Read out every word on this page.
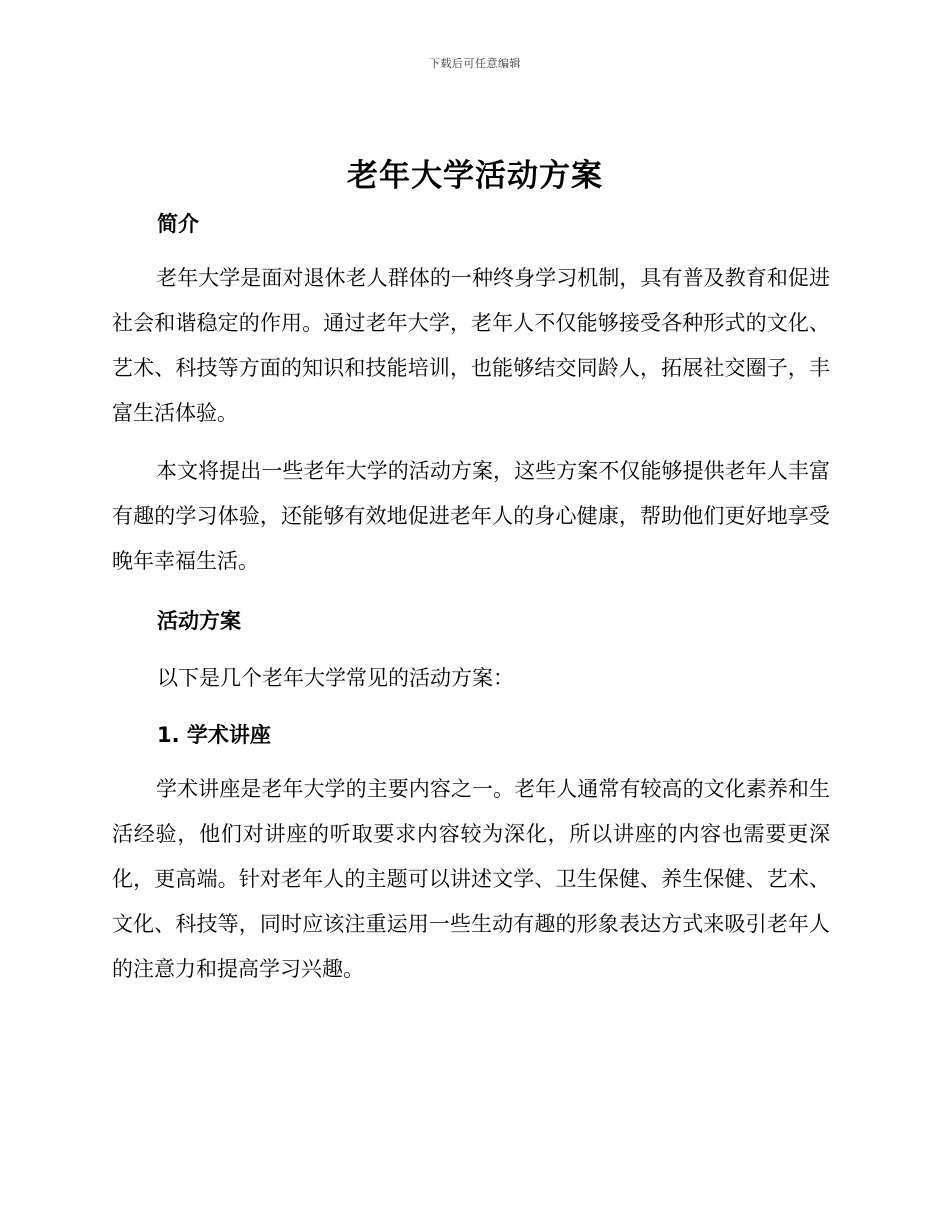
下载后可任意编辑
老年大学活动方案
简介

老年大学是面对退休老人群体的一种终身学习机制，具有普及教育和促进社会和谐稳定的作用。通过老年大学，老年人不仅能够接受各种形式的文化、艺术、科技等方面的知识和技能培训，也能够结交同龄人，拓展社交圈子，丰富生活体验。

本文将提出一些老年大学的活动方案，这些方案不仅能够提供老年人丰富有趣的学习体验，还能够有效地促进老年人的身心健康，帮助他们更好地享受晚年幸福生活。

活动方案
以下是几个老年大学常见的活动方案：
1. 学术讲座

学术讲座是老年大学的主要内容之一。老年人通常有较高的文化素养和生活经验，他们对讲座的听取要求内容较为深化，所以讲座的内容也需要更深化，更高端。针对老年人的主题可以讲述文学、卫生保健、养生保健、艺术、文化、科技等，同时应该注重运用一些生动有趣的形象表达方式来吸引老年人的注意力和提高学习兴趣。
